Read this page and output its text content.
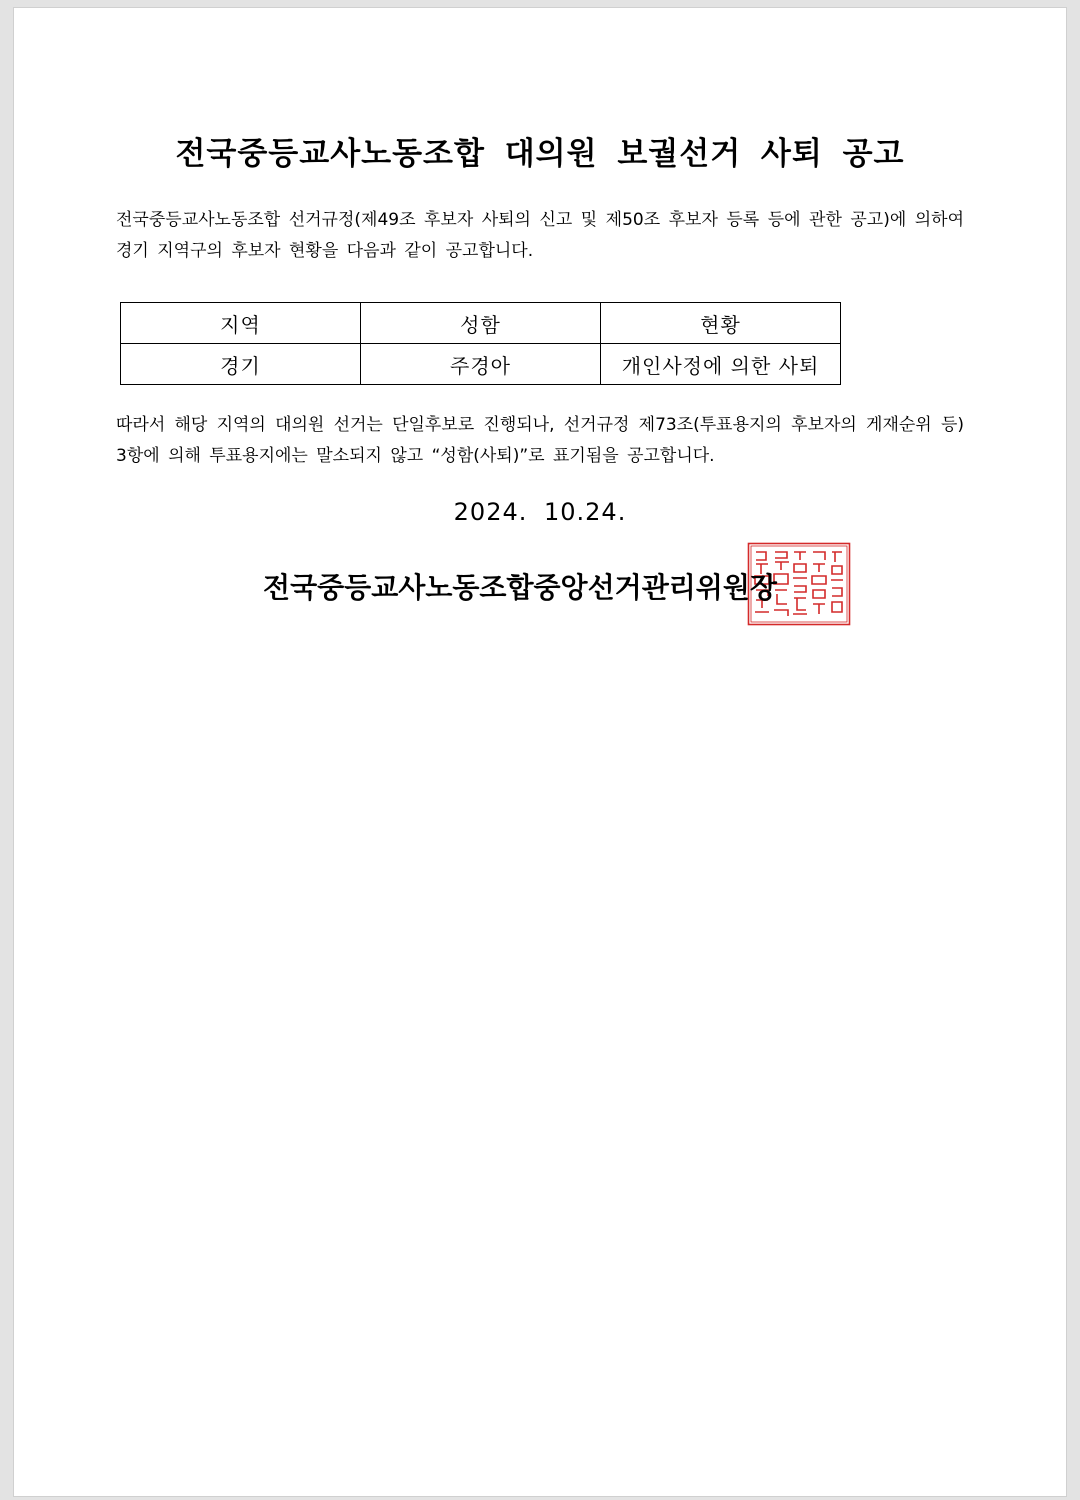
전국중등교사노동조합 대의원 보궐선거 사퇴 공고

전국중등교사노동조합 선거규정(제49조 후보자 사퇴의 신고 및 제50조 후보자 등록 등에 관한 공고)에 의하여 경기 지역구의 후보자 현황을 다음과 같이 공고합니다.

지역	성함	현황
경기	주경아	개인사정에 의한 사퇴

따라서 해당 지역의 대의원 선거는 단일후보로 진행되나, 선거규정 제73조(투표용지의 후보자의 게재순위 등) 3항에 의해 투표용지에는 말소되지 않고 “성함(사퇴)”로 표기됨을 공고합니다.

2024. 10.24.

전국중등교사노동조합중앙선거관리위원장
